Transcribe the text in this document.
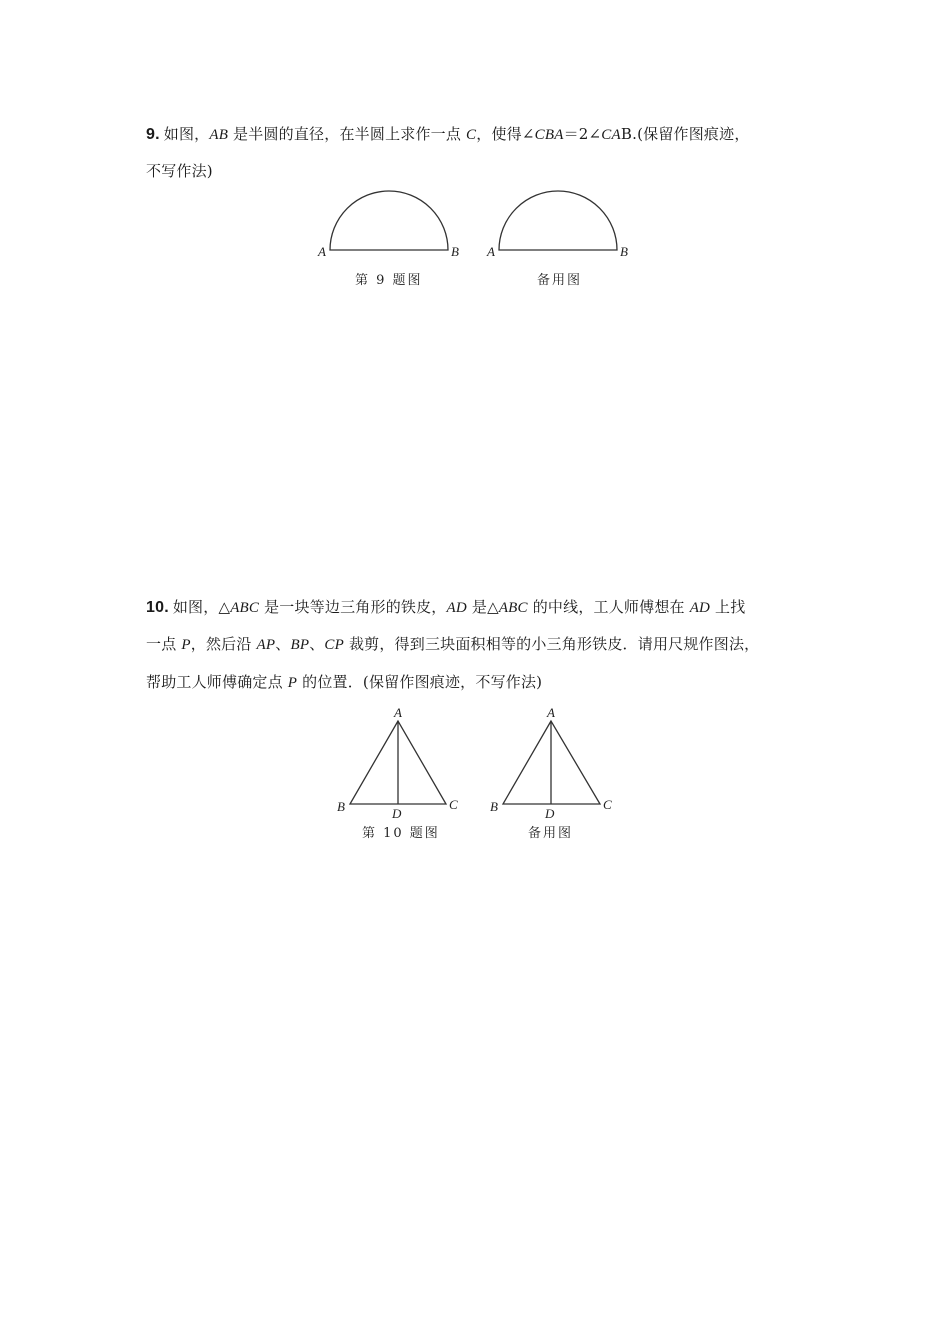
9. 如图，AB 是半圆的直径，在半圆上求作一点 C，使得∠CBA＝2∠CAB.(保留作图痕迹，
不写作法)
10. 如图，△ABC 是一块等边三角形的铁皮，AD 是△ABC 的中线，工人师傅想在 AD 上找
一点 P，然后沿 AP、BP、CP 裁剪，得到三块面积相等的小三角形铁皮．请用尺规作图法，
帮助工人师傅确定点 P 的位置．(保留作图痕迹，不写作法)
A	B
第 9 题图
A	B
备用图
A
B	C
D
第 10 题图
A
B	C
D
备用图
